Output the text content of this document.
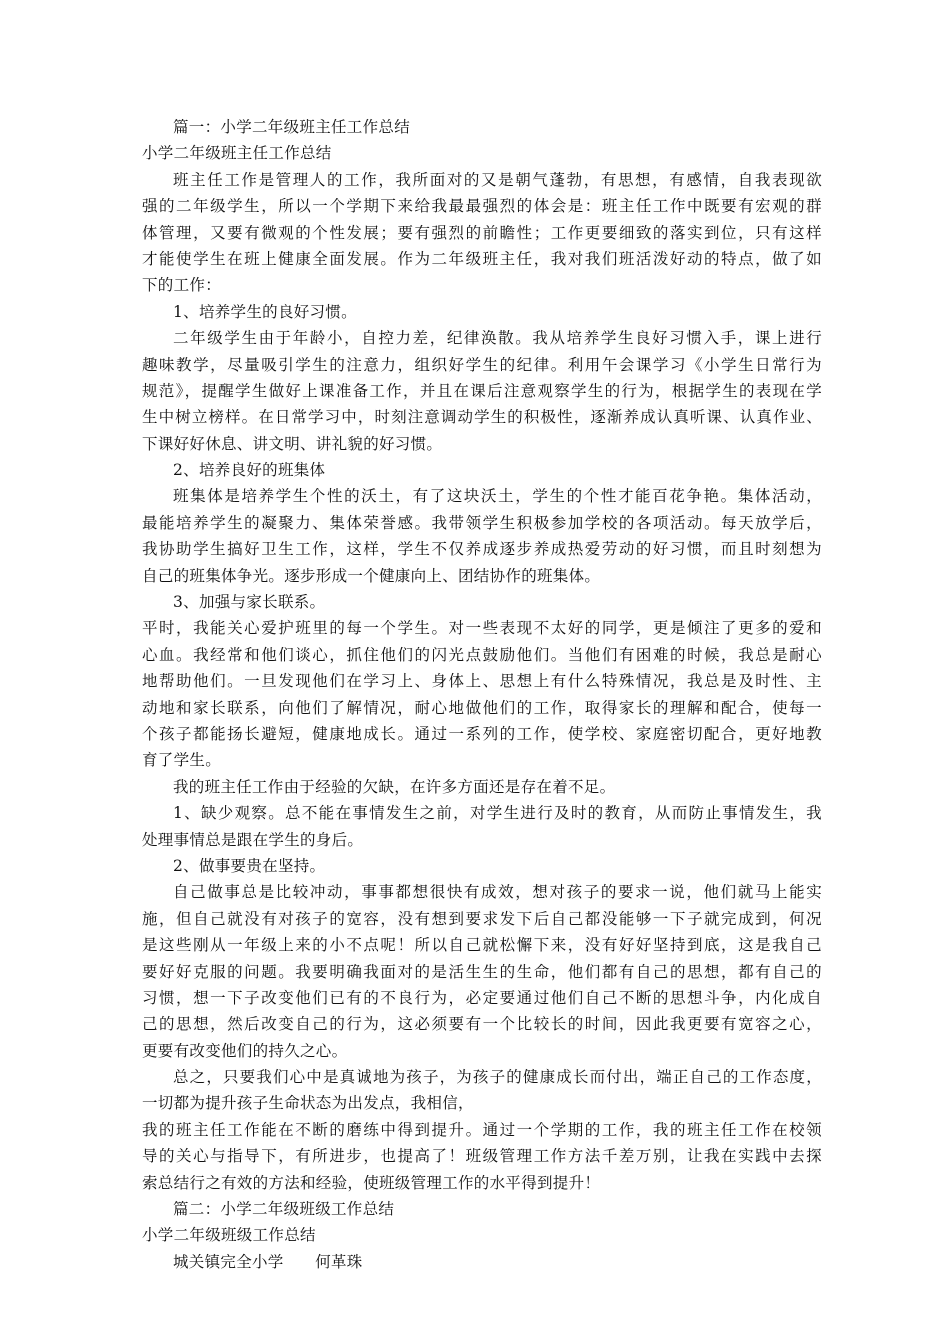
篇一：小学二年级班主任工作总结
小学二年级班主任工作总结
班主任工作是管理人的工作，我所面对的又是朝气蓬勃，有思想，有感情，自我表现欲
强的二年级学生，所以一个学期下来给我最最强烈的体会是：班主任工作中既要有宏观的群
体管理，又要有微观的个性发展；要有强烈的前瞻性；工作更要细致的落实到位，只有这样
才能使学生在班上健康全面发展。作为二年级班主任，我对我们班活泼好动的特点，做了如
下的工作：
1、培养学生的良好习惯。
二年级学生由于年龄小，自控力差，纪律涣散。我从培养学生良好习惯入手，课上进行
趣味教学，尽量吸引学生的注意力，组织好学生的纪律。利用午会课学习《小学生日常行为
规范》，提醒学生做好上课准备工作，并且在课后注意观察学生的行为，根据学生的表现在学
生中树立榜样。在日常学习中，时刻注意调动学生的积极性，逐渐养成认真听课、认真作业、
下课好好休息、讲文明、讲礼貌的好习惯。
2、培养良好的班集体
班集体是培养学生个性的沃土，有了这块沃土，学生的个性才能百花争艳。集体活动，
最能培养学生的凝聚力、集体荣誉感。我带领学生积极参加学校的各项活动。每天放学后，
我协助学生搞好卫生工作，这样，学生不仅养成逐步养成热爱劳动的好习惯，而且时刻想为
自己的班集体争光。逐步形成一个健康向上、团结协作的班集体。
3、加强与家长联系。
平时，我能关心爱护班里的每一个学生。对一些表现不太好的同学，更是倾注了更多的爱和
心血。我经常和他们谈心，抓住他们的闪光点鼓励他们。当他们有困难的时候，我总是耐心
地帮助他们。一旦发现他们在学习上、身体上、思想上有什么特殊情况，我总是及时性、主
动地和家长联系，向他们了解情况，耐心地做他们的工作，取得家长的理解和配合，使每一
个孩子都能扬长避短，健康地成长。通过一系列的工作，使学校、家庭密切配合，更好地教
育了学生。
我的班主任工作由于经验的欠缺，在许多方面还是存在着不足。
1、缺少观察。总不能在事情发生之前，对学生进行及时的教育，从而防止事情发生，我
处理事情总是跟在学生的身后。
2、做事要贵在坚持。
自己做事总是比较冲动，事事都想很快有成效，想对孩子的要求一说，他们就马上能实
施，但自己就没有对孩子的宽容，没有想到要求发下后自己都没能够一下子就完成到，何况
是这些刚从一年级上来的小不点呢！所以自己就松懈下来，没有好好坚持到底，这是我自己
要好好克服的问题。我要明确我面对的是活生生的生命，他们都有自己的思想，都有自己的
习惯，想一下子改变他们已有的不良行为，必定要通过他们自己不断的思想斗争，内化成自
己的思想，然后改变自己的行为，这必须要有一个比较长的时间，因此我更要有宽容之心，
更要有改变他们的持久之心。
总之，只要我们心中是真诚地为孩子，为孩子的健康成长而付出，端正自己的工作态度，
一切都为提升孩子生命状态为出发点，我相信，
我的班主任工作能在不断的磨练中得到提升。通过一个学期的工作，我的班主任工作在校领
导的关心与指导下，有所进步，也提高了！班级管理工作方法千差万别，让我在实践中去探
索总结行之有效的方法和经验，使班级管理工作的水平得到提升！
篇二：小学二年级班级工作总结
小学二年级班级工作总结
城关镇完全小学　　何革珠
